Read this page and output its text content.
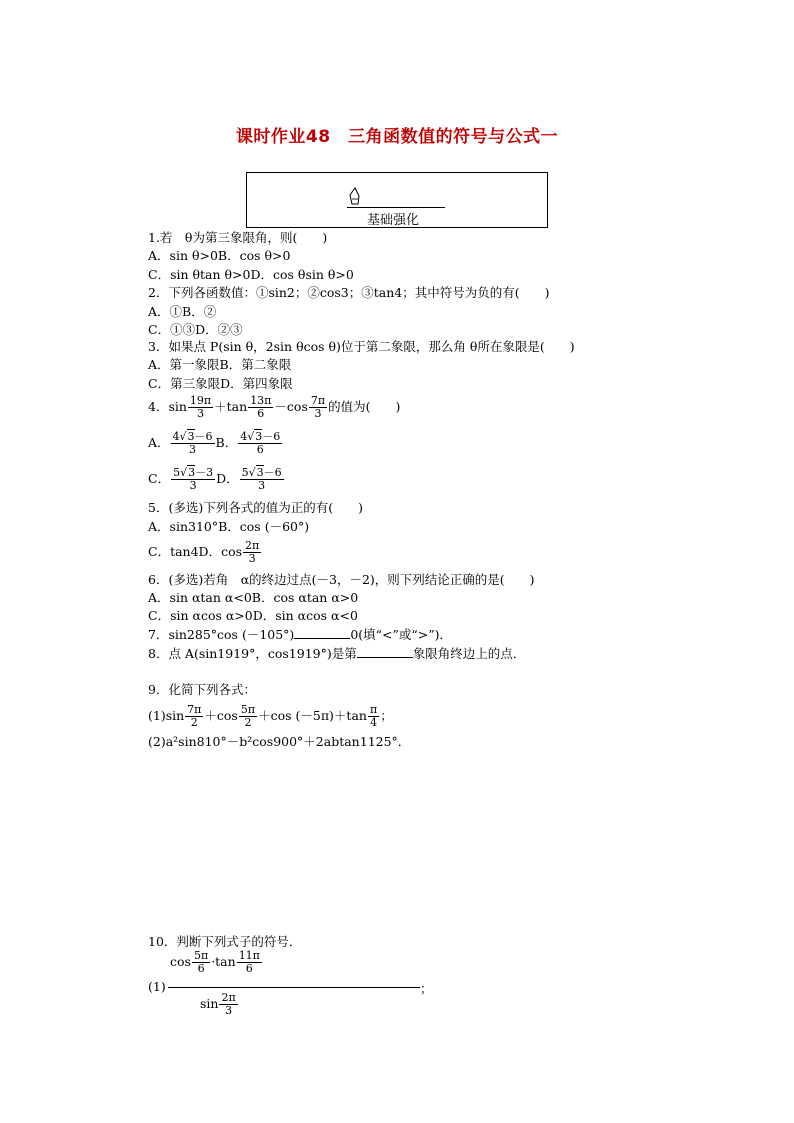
课时作业48　三角函数值的符号与公式一
基础强化
1.若　θ为第三象限角，则(　　)
A．sin θ>0B．cos θ>0
C．sin θtan θ>0D．cos θsin θ>0
2．下列各函数值：①sin2；②cos3；③tan4；其中符号为负的有(　　)
A．①B．②
C．①③D．②③
3．如果点 P(sin θ，2sin θcos θ)位于第二象限，那么角 θ所在象限是(　　)
A．第一象限B．第二象限
C．第三象限D．第四象限
4．$\sin \frac{19\pi}{3} +\tan \frac{13\pi}{6} -\cos \frac{7\pi}{3}$ 的值为(　　)
A． $\frac{4√3-6}{3}$ B． $\frac{4√3-6}{6}$
C． $\frac{5√3-3}{3}$ D． $\frac{5√3-6}{3}$
5．(多选)下列各式的值为正的有(　　)
A．sin310°B．cos (－60°)
C．tan4D．$\cos \frac{2\pi}{3}$
6．(多选)若角　α的终边过点(－3，－2)，则下列结论正确的是(　　)
A．sin αtan α<0B．cos αtan α>0
C．sin αcos α>0D．sin αcos α<0
7．sin285°cos (－105°)	0(填“<”或“>”)．
8．点 A(sin1919°，cos1919°)是第	象限角终边上的点．
9．化简下列各式：
$(1)\sin \frac{7\pi}{2} +\cos \frac{5\pi}{2} +\cos$ $(-5\pi)+\tan \frac{\pi}{4}$ ；
(2)a²sin810°－b²cos900°＋2abtan1125°．
10．判断下列式子的符号．
(1)
$\cos \frac{5\pi}{6} \cdot\tan \frac{11\pi}{6}$
$\sin \frac{2\pi}{3}$
；
